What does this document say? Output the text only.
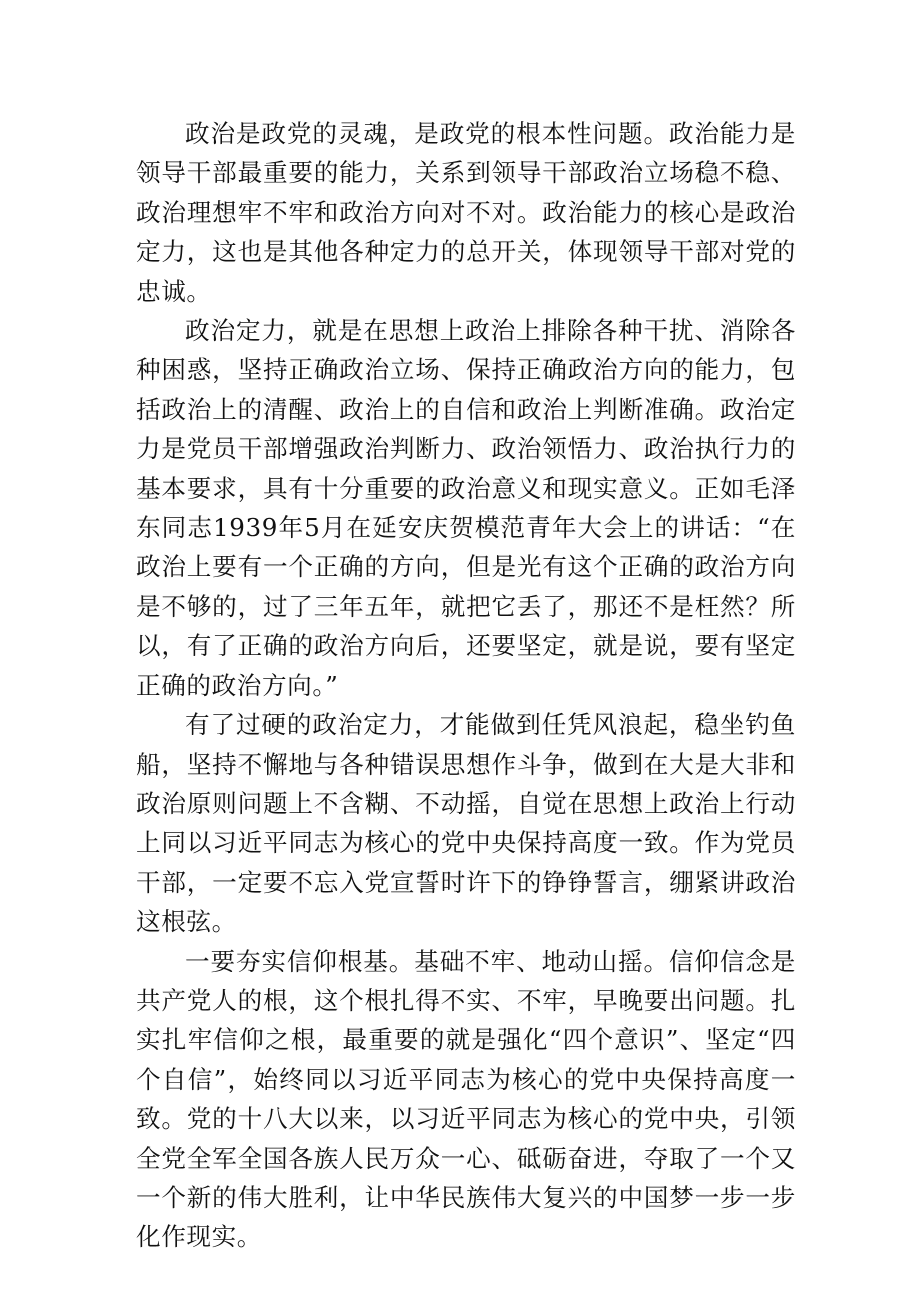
政治是政党的灵魂，是政党的根本性问题。政治能力是领导干部最重要的能力，关系到领导干部政治立场稳不稳、政治理想牢不牢和政治方向对不对。政治能力的核心是政治定力，这也是其他各种定力的总开关，体现领导干部对党的忠诚。

政治定力，就是在思想上政治上排除各种干扰、消除各种困惑，坚持正确政治立场、保持正确政治方向的能力，包括政治上的清醒、政治上的自信和政治上判断准确。政治定力是党员干部增强政治判断力、政治领悟力、政治执行力的基本要求，具有十分重要的政治意义和现实意义。正如毛泽东同志1939年5月在延安庆贺模范青年大会上的讲话：“在政治上要有一个正确的方向，但是光有这个正确的政治方向是不够的，过了三年五年，就把它丢了，那还不是枉然？所以，有了正确的政治方向后，还要坚定，就是说，要有坚定正确的政治方向。”

有了过硬的政治定力，才能做到任凭风浪起，稳坐钓鱼船，坚持不懈地与各种错误思想作斗争，做到在大是大非和政治原则问题上不含糊、不动摇，自觉在思想上政治上行动上同以习近平同志为核心的党中央保持高度一致。作为党员干部，一定要不忘入党宣誓时许下的铮铮誓言，绷紧讲政治这根弦。

一要夯实信仰根基。基础不牢、地动山摇。信仰信念是共产党人的根，这个根扎得不实、不牢，早晚要出问题。扎实扎牢信仰之根，最重要的就是强化“四个意识”、坚定“四个自信”，始终同以习近平同志为核心的党中央保持高度一致。党的十八大以来，以习近平同志为核心的党中央，引领全党全军全国各族人民万众一心、砥砺奋进，夺取了一个又一个新的伟大胜利，让中华民族伟大复兴的中国梦一步一步化作现实。
